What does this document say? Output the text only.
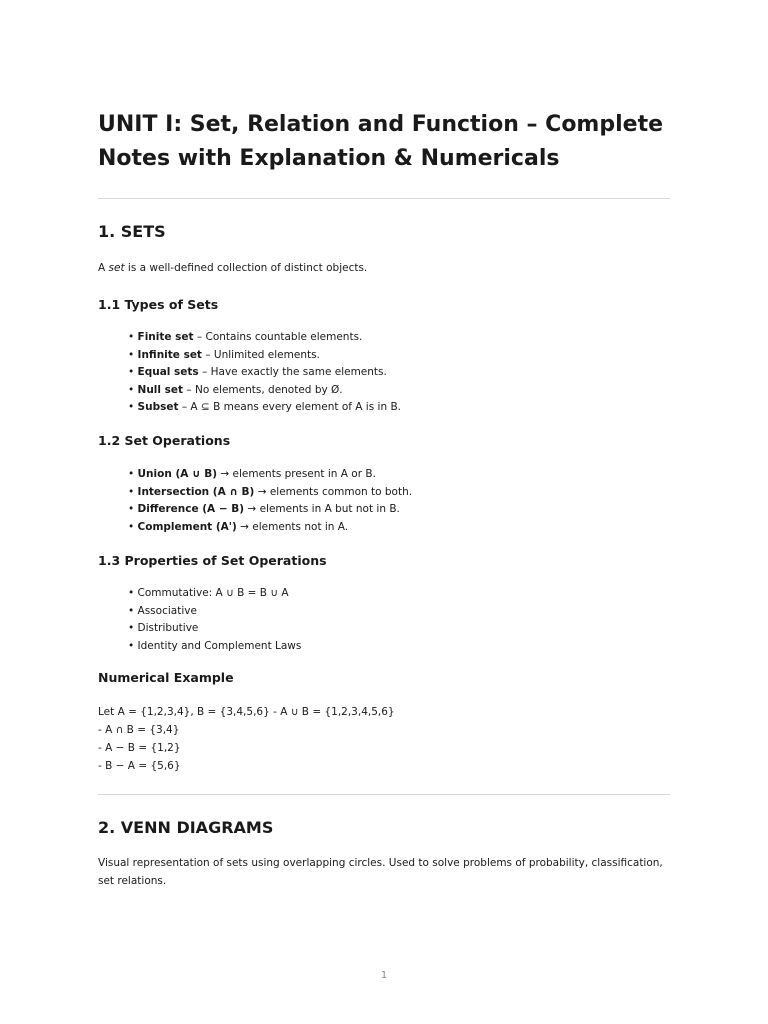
UNIT I: Set, Relation and Function – Complete Notes with Explanation & Numericals
1. SETS

A set is a well-defined collection of distinct objects.

1.1 Types of Sets
• Finite set – Contains countable elements.
• Infinite set – Unlimited elements.
• Equal sets – Have exactly the same elements.
• Null set – No elements, denoted by Ø.
• Subset – A ⊆ B means every element of A is in B.
1.2 Set Operations
• Union (A ∪ B) → elements present in A or B.
• Intersection (A ∩ B) → elements common to both.
• Difference (A − B) → elements in A but not in B.
• Complement (A') → elements not in A.
1.3 Properties of Set Operations
• Commutative: A ∪ B = B ∪ A
• Associative
• Distributive
• Identity and Complement Laws
Numerical Example

Let A = {1,2,3,4}, B = {3,4,5,6} - A ∪ B = {1,2,3,4,5,6}

- A ∩ B = {3,4}

- A − B = {1,2}

- B − A = {5,6}

2. VENN DIAGRAMS

Visual representation of sets using overlapping circles. Used to solve problems of probability, classification, set relations.

1
